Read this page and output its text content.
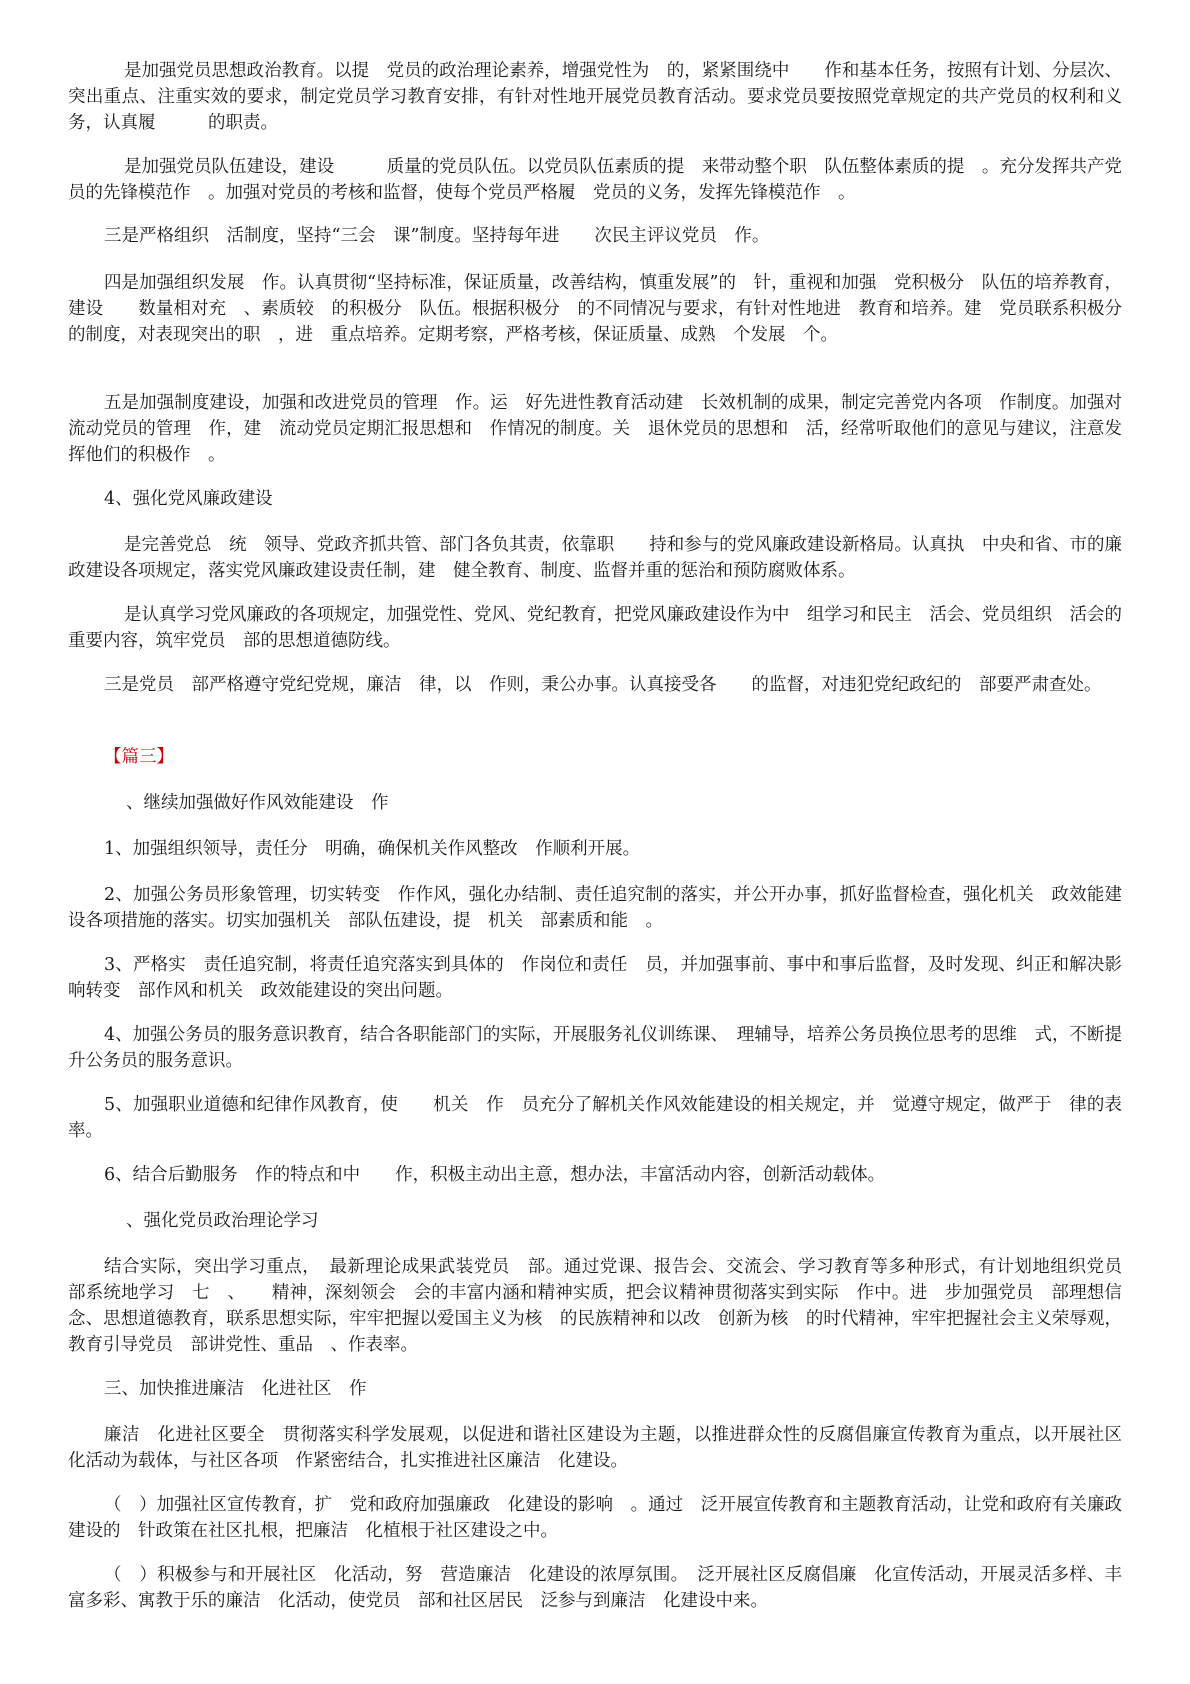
是加强党员思想政治教育。以提　党员的政治理论素养，增强党性为　的，紧紧围绕中　　作和基本任务，按照有计划、分层次、突出重点、注重实效的要求，制定党员学习教育安排，有针对性地开展党员教育活动。要求党员要按照党章规定的共产党员的权利和义务，认真履　　　的职责。

是加强党员队伍建设，建设　　　质量的党员队伍。以党员队伍素质的提　来带动整个职　队伍整体素质的提　。充分发挥共产党员的先锋模范作　。加强对党员的考核和监督，使每个党员严格履　党员的义务，发挥先锋模范作　。

三是严格组织　活制度，坚持“三会　课”制度。坚持每年进　　次民主评议党员　作。

四是加强组织发展　作。认真贯彻“坚持标准，保证质量，改善结构，慎重发展”的　针，重视和加强　党积极分　队伍的培养教育，建设　　数量相对充　、素质较　的积极分　队伍。根据积极分　的不同情况与要求，有针对性地进　教育和培养。建　党员联系积极分　的制度，对表现突出的职　，进　重点培养。定期考察，严格考核，保证质量、成熟　个发展　个。

五是加强制度建设，加强和改进党员的管理　作。运　好先进性教育活动建　长效机制的成果，制定完善党内各项　作制度。加强对流动党员的管理　作，建　流动党员定期汇报思想和　作情况的制度。关　退休党员的思想和　活，经常听取他们的意见与建议，注意发挥他们的积极作　。

4、强化党风廉政建设

是完善党总　统　领导、党政齐抓共管、部门各负其责，依靠职　　持和参与的党风廉政建设新格局。认真执　中央和省、市的廉政建设各项规定，落实党风廉政建设责任制，建　健全教育、制度、监督并重的惩治和预防腐败体系。

是认真学习党风廉政的各项规定，加强党性、党风、党纪教育，把党风廉政建设作为中　组学习和民主　活会、党员组织　活会的重要内容，筑牢党员　部的思想道德防线。

三是党员　部严格遵守党纪党规，廉洁　律，以　作则，秉公办事。认真接受各　　的监督，对违犯党纪政纪的　部要严肃查处。

【篇三】

、继续加强做好作风效能建设　作

1、加强组织领导，责任分　明确，确保机关作风整改　作顺利开展。

2、加强公务员形象管理，切实转变　作作风，强化办结制、责任追究制的落实，并公开办事，抓好监督检查，强化机关　政效能建设各项措施的落实。切实加强机关　部队伍建设，提　机关　部素质和能　。

3、严格实　责任追究制，将责任追究落实到具体的　作岗位和责任　员，并加强事前、事中和事后监督，及时发现、纠正和解决影响转变　部作风和机关　政效能建设的突出问题。

4、加强公务员的服务意识教育，结合各职能部门的实际，开展服务礼仪训练课、　理辅导，培养公务员换位思考的思维　式，不断提升公务员的服务意识。

5、加强职业道德和纪律作风教育，使　　机关　作　员充分了解机关作风效能建设的相关规定，并　觉遵守规定，做严于　律的表率。

6、结合后勤服务　作的特点和中　　作，积极主动出主意，想办法，丰富活动内容，创新活动载体。

、强化党员政治理论学习

结合实际，突出学习重点，　最新理论成果武装党员　部。通过党课、报告会、交流会、学习教育等多种形式，有计划地组织党员　部系统地学习　七　、　　精神，深刻领会　会的丰富内涵和精神实质，把会议精神贯彻落实到实际　作中。进　步加强党员　部理想信念、思想道德教育，联系思想实际，牢牢把握以爱国主义为核　的民族精神和以改　创新为核　的时代精神，牢牢把握社会主义荣辱观，教育引导党员　部讲党性、重品　、作表率。

三、加快推进廉洁　化进社区　作

廉洁　化进社区要全　贯彻落实科学发展观，以促进和谐社区建设为主题，以推进群众性的反腐倡廉宣传教育为重点，以开展社区　化活动为载体，与社区各项　作紧密结合，扎实推进社区廉洁　化建设。

（　）加强社区宣传教育，扩　党和政府加强廉政　化建设的影响　。通过　泛开展宣传教育和主题教育活动，让党和政府有关廉政建设的　针政策在社区扎根，把廉洁　化植根于社区建设之中。

（　）积极参与和开展社区　化活动，努　营造廉洁　化建设的浓厚氛围。　泛开展社区反腐倡廉　化宣传活动，开展灵活多样、丰富多彩、寓教于乐的廉洁　化活动，使党员　部和社区居民　泛参与到廉洁　化建设中来。
